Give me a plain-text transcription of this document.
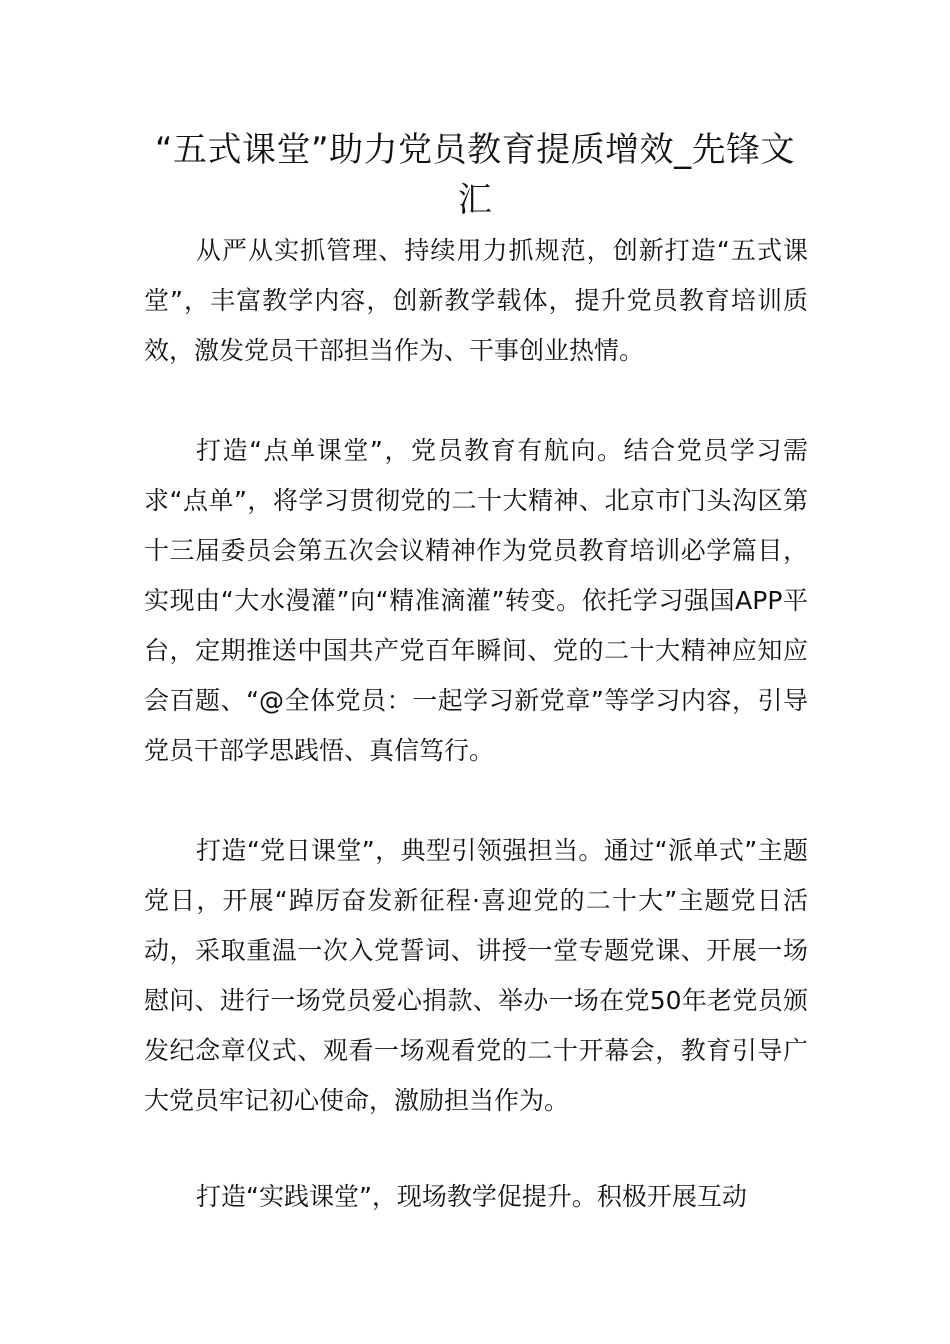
“五式课堂”助力党员教育提质增效_先锋文汇

从严从实抓管理、持续用力抓规范，创新打造“五式课堂”，丰富教学内容，创新教学载体，提升党员教育培训质效，激发党员干部担当作为、干事创业热情。

打造“点单课堂”，党员教育有航向。结合党员学习需求“点单”，将学习贯彻党的二十大精神、北京市门头沟区第十三届委员会第五次会议精神作为党员教育培训必学篇目，实现由“大水漫灌”向“精准滴灌”转变。依托学习强国APP平台，定期推送中国共产党百年瞬间、党的二十大精神应知应会百题、“@全体党员：一起学习新党章”等学习内容，引导党员干部学思践悟、真信笃行。

打造“党日课堂”，典型引领强担当。通过“派单式”主题党日，开展“踔厉奋发新征程·喜迎党的二十大”主题党日活动，采取重温一次入党誓词、讲授一堂专题党课、开展一场慰问、进行一场党员爱心捐款、举办一场在党50年老党员颁发纪念章仪式、观看一场观看党的二十开幕会，教育引导广大党员牢记初心使命，激励担当作为。

打造“实践课堂”，现场教学促提升。积极开展互动
